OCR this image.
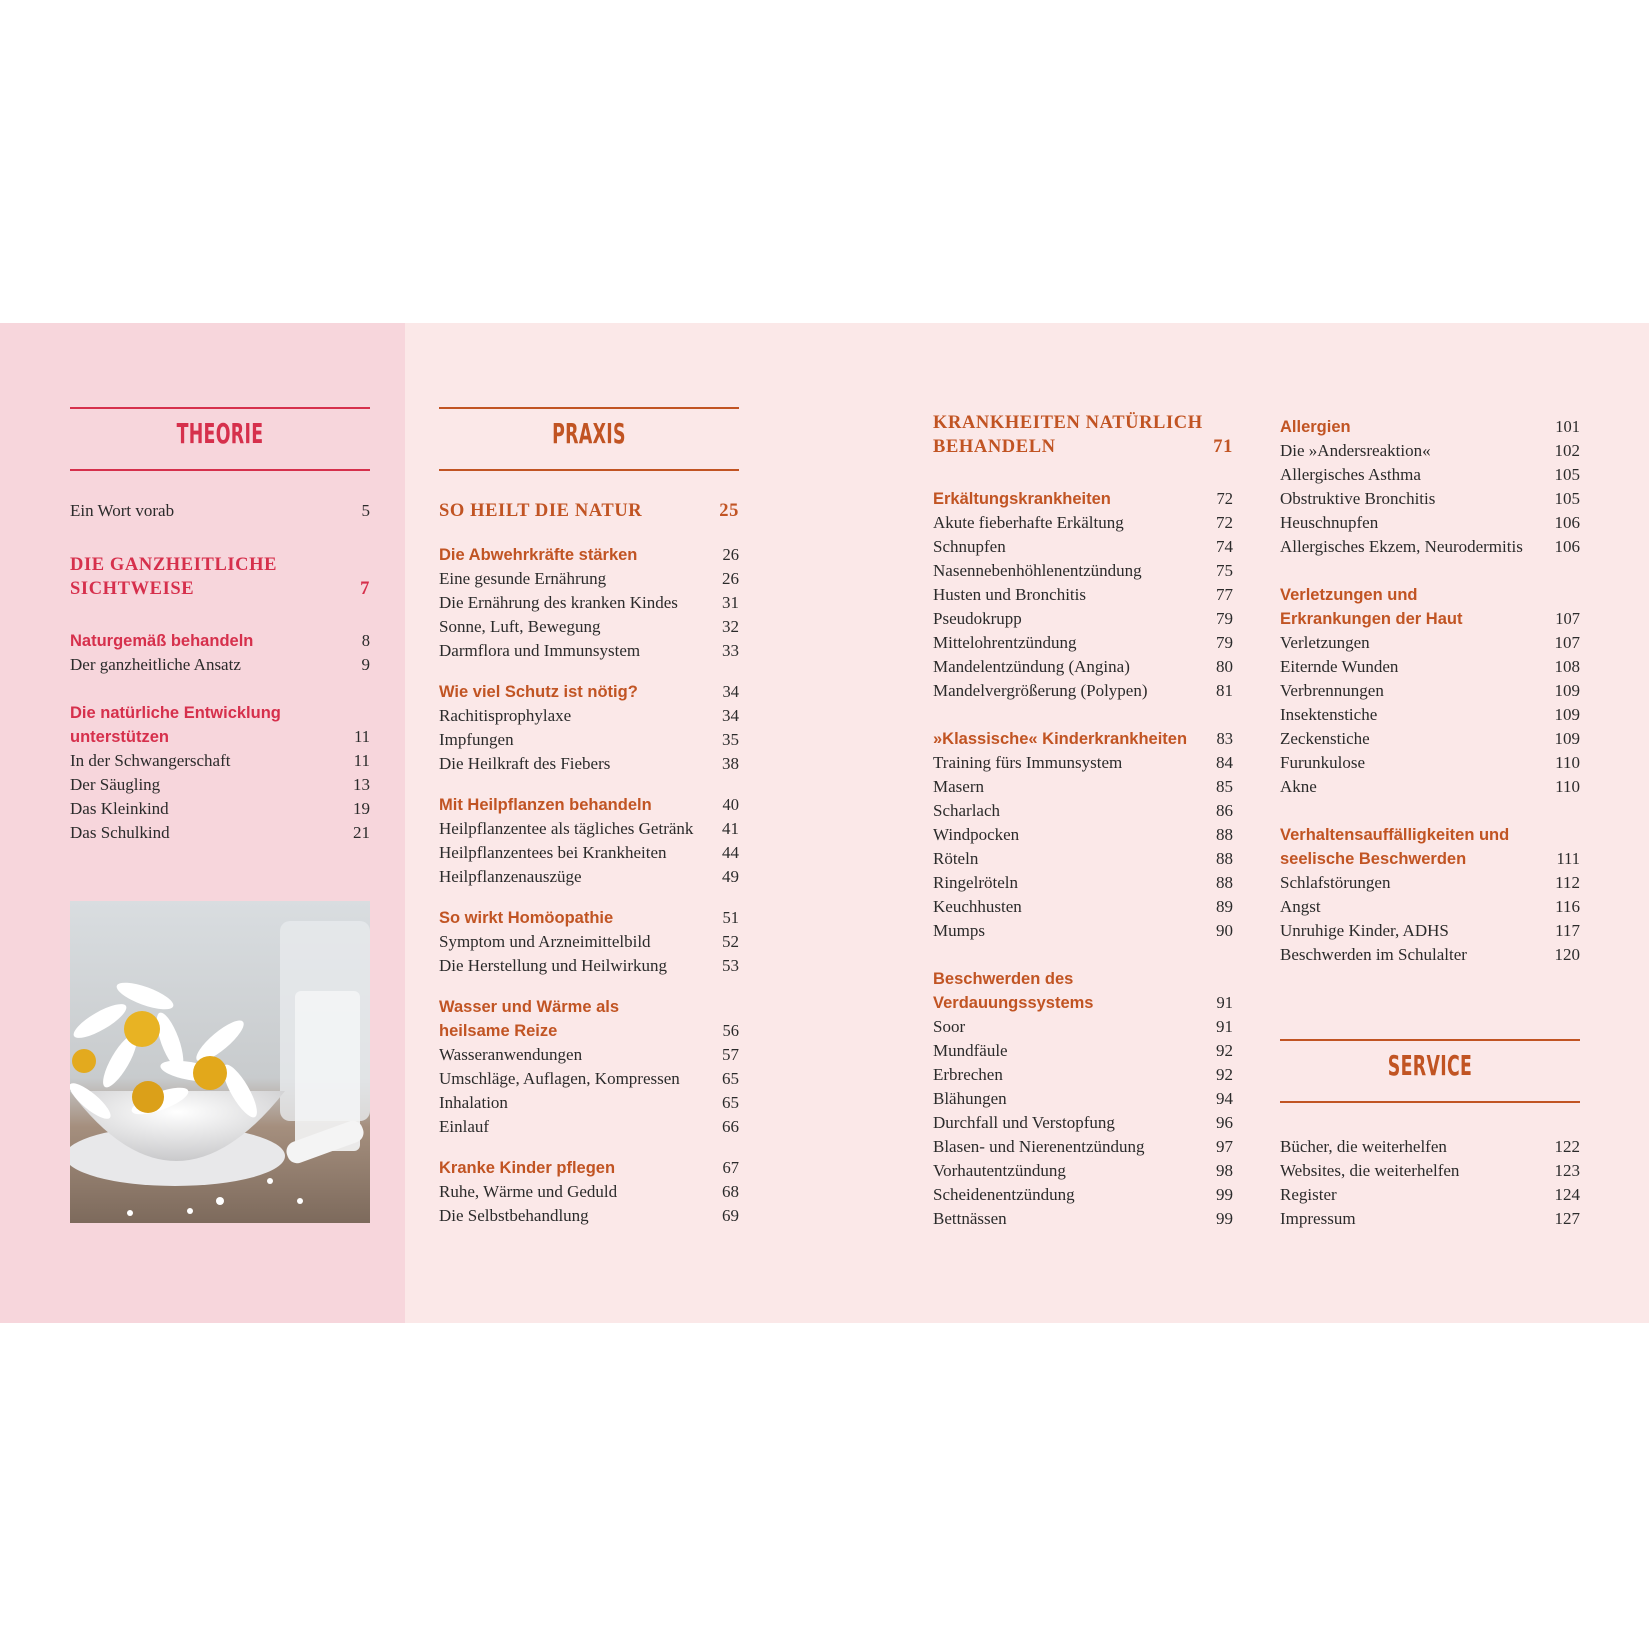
THEORIE
Ein Wort vorab	5
DIE GANZHEITLICHE
SICHTWEISE	7
Naturgemäß behandeln	8
Der ganzheitliche Ansatz	9
Die natürliche Entwicklung
unterstützen	11
In der Schwangerschaft	11
Der Säugling	13
Das Kleinkind	19
Das Schulkind	21
PRAXIS
SO HEILT DIE NATUR	25
Die Abwehrkräfte stärken	26
Eine gesunde Ernährung	26
Die Ernährung des kranken Kindes	31
Sonne, Luft, Bewegung	32
Darmflora und Immunsystem	33
Wie viel Schutz ist nötig?	34
Rachitisprophylaxe	34
Impfungen	35
Die Heilkraft des Fiebers	38
Mit Heilpflanzen behandeln	40
Heilpflanzentee als tägliches Getränk 41
Heilpflanzentees bei Krankheiten	44
Heilpflanzenauszüge	49
So wirkt Homöopathie	51
Symptom und Arzneimittelbild	52
Die Herstellung und Heilwirkung	53
Wasser und Wärme als
heilsame Reize	56
Wasseranwendungen	57
Umschläge, Auflagen, Kompressen 65
Inhalation	65
Einlauf	66
Kranke Kinder pflegen	67
Ruhe, Wärme und Geduld	68
Die Selbstbehandlung	69
KRANKHEITEN NATÜRLICH
BEHANDELN	71
Erkältungskrankheiten	72
Akute fieberhafte Erkältung	72
Schnupfen	74
Nasennebenhöhlenentzündung	75
Husten und Bronchitis	77
Pseudokrupp	79
Mittelohrentzündung	79
Mandelentzündung (Angina)	80
Mandelvergrößerung (Polypen)	81
»Klassische« Kinderkrankheiten 83
Training fürs Immunsystem	84
Masern	85
Scharlach	86
Windpocken	88
Röteln	88
Ringelröteln	88
Keuchhusten	89
Mumps	90
Beschwerden des
Verdauungssystems	91
Soor	91
Mundfäule	92
Erbrechen	92
Blähungen	94
Durchfall und Verstopfung	96
Blasen- und Nierenentzündung	97
Vorhautentzündung	98
Scheidenentzündung	99
Bettnässen	99
Allergien	101
Die »Andersreaktion«	102
Allergisches Asthma	105
Obstruktive Bronchitis	105
Heuschnupfen	106
Allergisches Ekzem, Neurodermitis 106
Verletzungen und
Erkrankungen der Haut	107
Verletzungen	107
Eiternde Wunden	108
Verbrennungen	109
Insektenstiche	109
Zeckenstiche	109
Furunkulose	110
Akne	110
Verhaltensauffälligkeiten und
seelische Beschwerden	111
Schlafstörungen	112
Angst	116
Unruhige Kinder, ADHS	117
Beschwerden im Schulalter	120
SERVICE
Bücher, die weiterhelfen	122
Websites, die weiterhelfen	123
Register	124
Impressum	127
